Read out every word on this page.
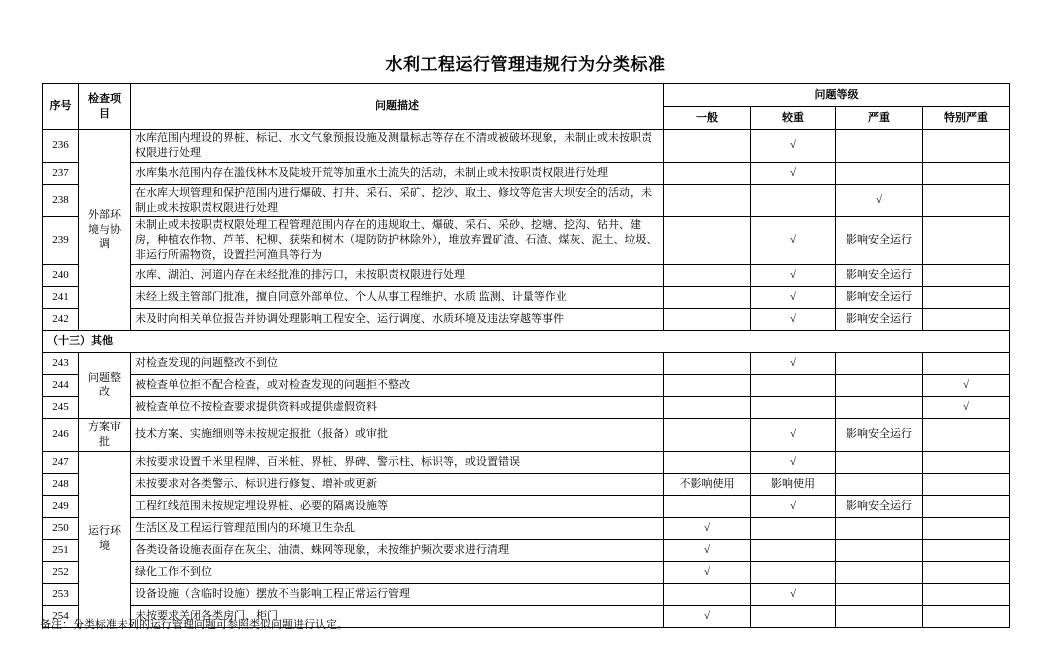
水利工程运行管理违规行为分类标准
序号	检查项目	问题描述	问题等级			
			一般	较重	严重	特别严重
236	外部环境与协调	水库范围内埋设的界桩、标记、水文气象预报设施及测量标志等存在不清或被破坏现象，未制止或未按职责权限进行处理		√		
237		水库集水范围内存在滥伐林木及陡坡开荒等加重水土流失的活动，未制止或未按职责权限进行处理		√		
238		在水库大坝管理和保护范围内进行爆破、打井、采石、采矿、挖沙、取土、修坟等危害大坝安全的活动，未制止或未按职责权限进行处理			√	
239		未制止或未按职责权限处理工程管理范围内存在的违规取土、爆破、采石、采砂、挖塘、挖沟、钻井、建房，种植农作物、芦苇、杞柳、获柴和树木（堤防防护林除外），堆放弃置矿渣、石渣、煤灰、泥土、垃圾、非运行所需物资，设置拦河渔具等行为		√	影响安全运行	
240		水库、湖泊、河道内存在未经批准的排污口，未按职责权限进行处理		√	影响安全运行	
241		未经上级主管部门批准，擅自同意外部单位、个人从事工程维护、水质 监测、计量等作业		√	影响安全运行	
242		未及时向相关单位报告并协调处理影响工程安全、运行调度、水质环境及违法穿越等事件		√	影响安全运行	
（十三）其他						
243	问题整改	对检查发现的问题整改不到位		√		
244		被检查单位拒不配合检查，或对检查发现的问题拒不整改				√
245		被检查单位不按检查要求提供资料或提供虚假资料				√
246	方案审批	技术方案、实施细则等未按规定报批（报备）或审批		√	影响安全运行	
247	运行环境	未按要求设置千米里程牌、百米桩、界桩、界碑、警示柱、标识等，或设置错误		√		
248		未按要求对各类警示、标识进行修复、增补或更新	不影响使用	影响使用		
249		工程红线范围未按规定埋设界桩、必要的隔离设施等		√	影响安全运行	
250		生活区及工程运行管理范围内的环境卫生杂乱	√			
251		各类设备设施表面存在灰尘、油渍、蛛网等现象，未按维护频次要求进行清理	√			
252		绿化工作不到位	√			
253		设备设施（含临时设施）摆放不当影响工程正常运行管理		√		
254		未按要求关闭各类房门、柜门	√			
备注：分类标准未列的运行管理问题可参照类似问题进行认定。
